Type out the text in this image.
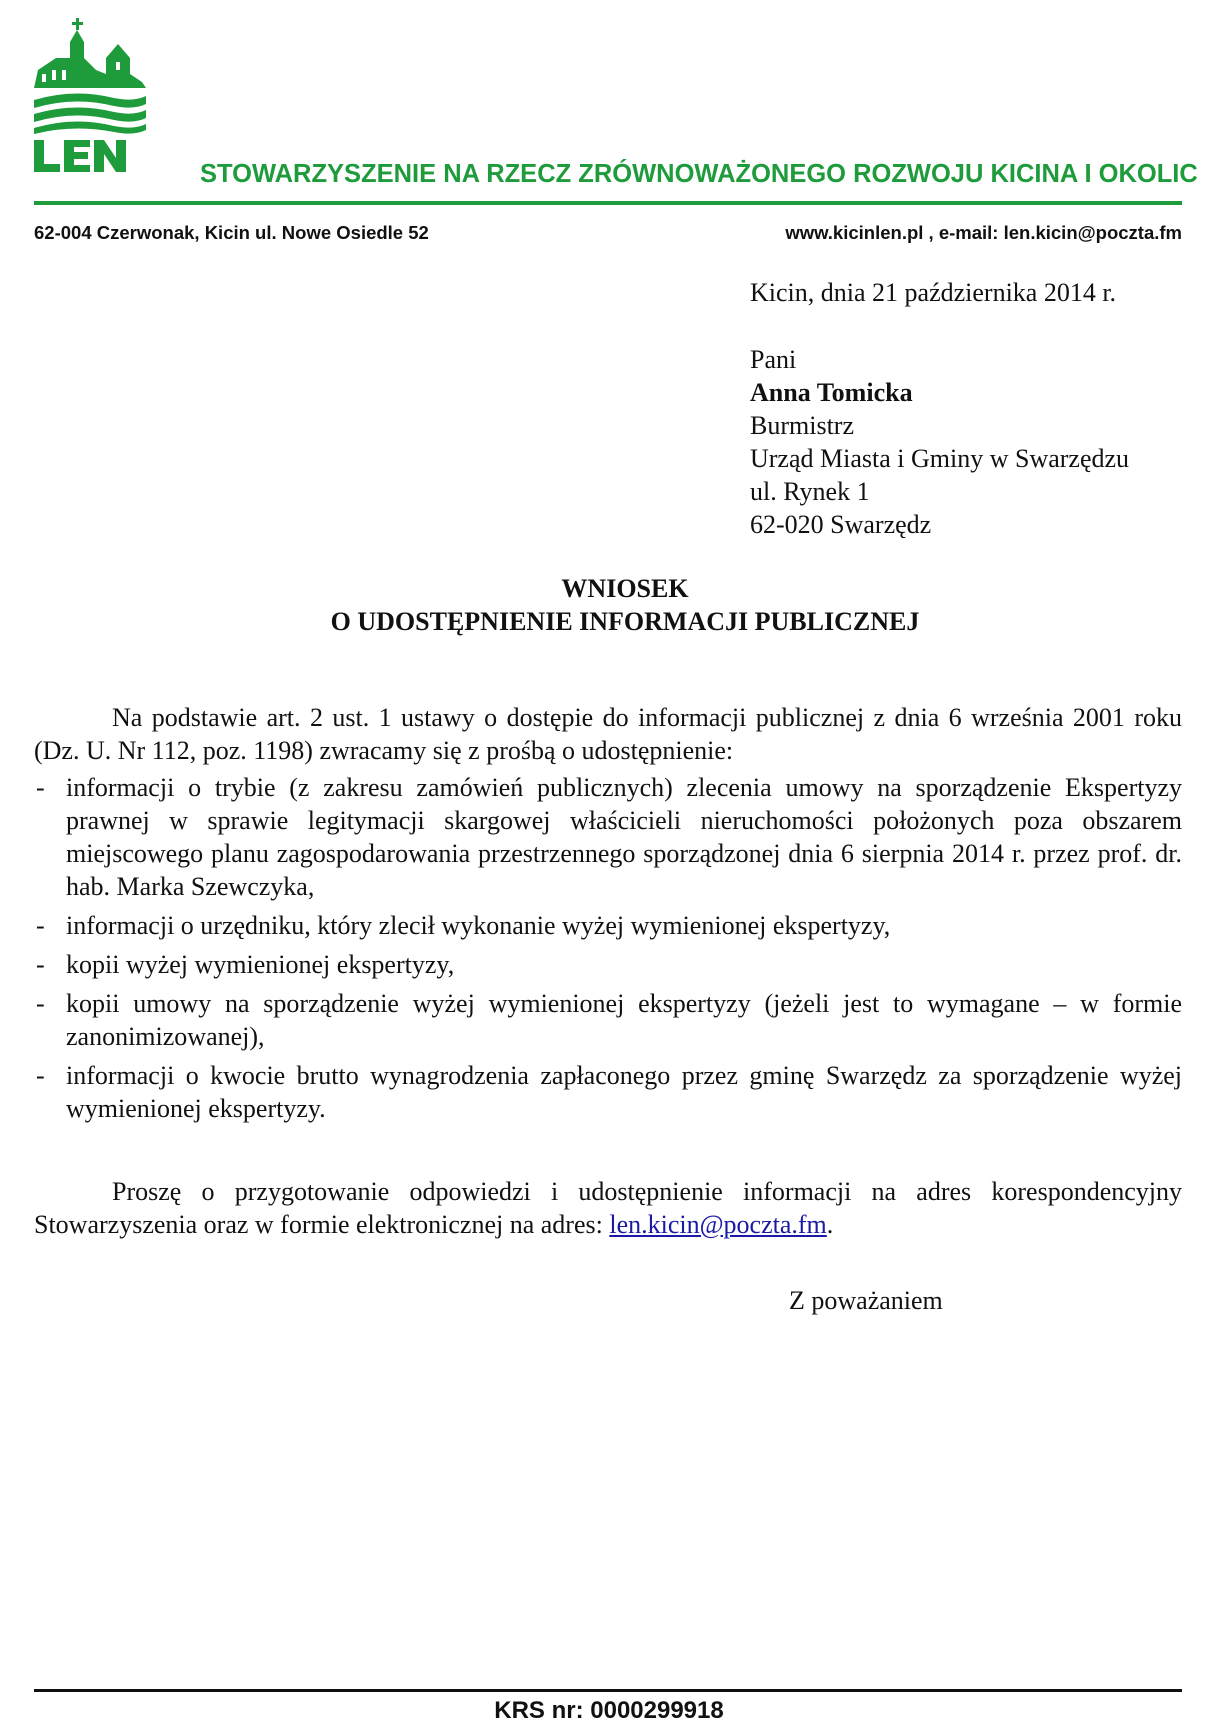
STOWARZYSZENIE NA RZECZ ZRÓWNOWAŻONEGO ROZWOJU KICINA I OKOLIC
62-004 Czerwonak, Kicin ul. Nowe Osiedle 52	www.kicinlen.pl , e-mail: len.kicin@poczta.fm
Kicin, dnia 21 października 2014 r.
Pani
Anna Tomicka
Burmistrz
Urząd Miasta i Gminy w Swarzędzu
ul. Rynek 1
62-020 Swarzędz
WNIOSEK
O UDOSTĘPNIENIE INFORMACJI PUBLICZNEJ

Na podstawie art. 2 ust. 1 ustawy o dostępie do informacji publicznej z dnia 6 września 2001 roku (Dz. U. Nr 112, poz. 1198) zwracamy się z prośbą o udostępnienie:

- informacji o trybie (z zakresu zamówień publicznych) zlecenia umowy na sporządzenie Ekspertyzy prawnej w sprawie legitymacji skargowej właścicieli nieruchomości położonych poza obszarem miejscowego planu zagospodarowania przestrzennego sporządzonej dnia 6 sierpnia 2014 r. przez prof. dr. hab. Marka Szewczyka,
- informacji o urzędniku, który zlecił wykonanie wyżej wymienionej ekspertyzy,
- kopii wyżej wymienionej ekspertyzy,
- kopii umowy na sporządzenie wyżej wymienionej ekspertyzy (jeżeli jest to wymagane – w formie zanonimizowanej),
- informacji o kwocie brutto wynagrodzenia zapłaconego przez gminę Swarzędz za sporządzenie wyżej wymienionej ekspertyzy.

Proszę o przygotowanie odpowiedzi i udostępnienie informacji na adres korespondencyjny Stowarzyszenia oraz w formie elektronicznej na adres: len.kicin@poczta.fm.

Z poważaniem
KRS nr: 0000299918
